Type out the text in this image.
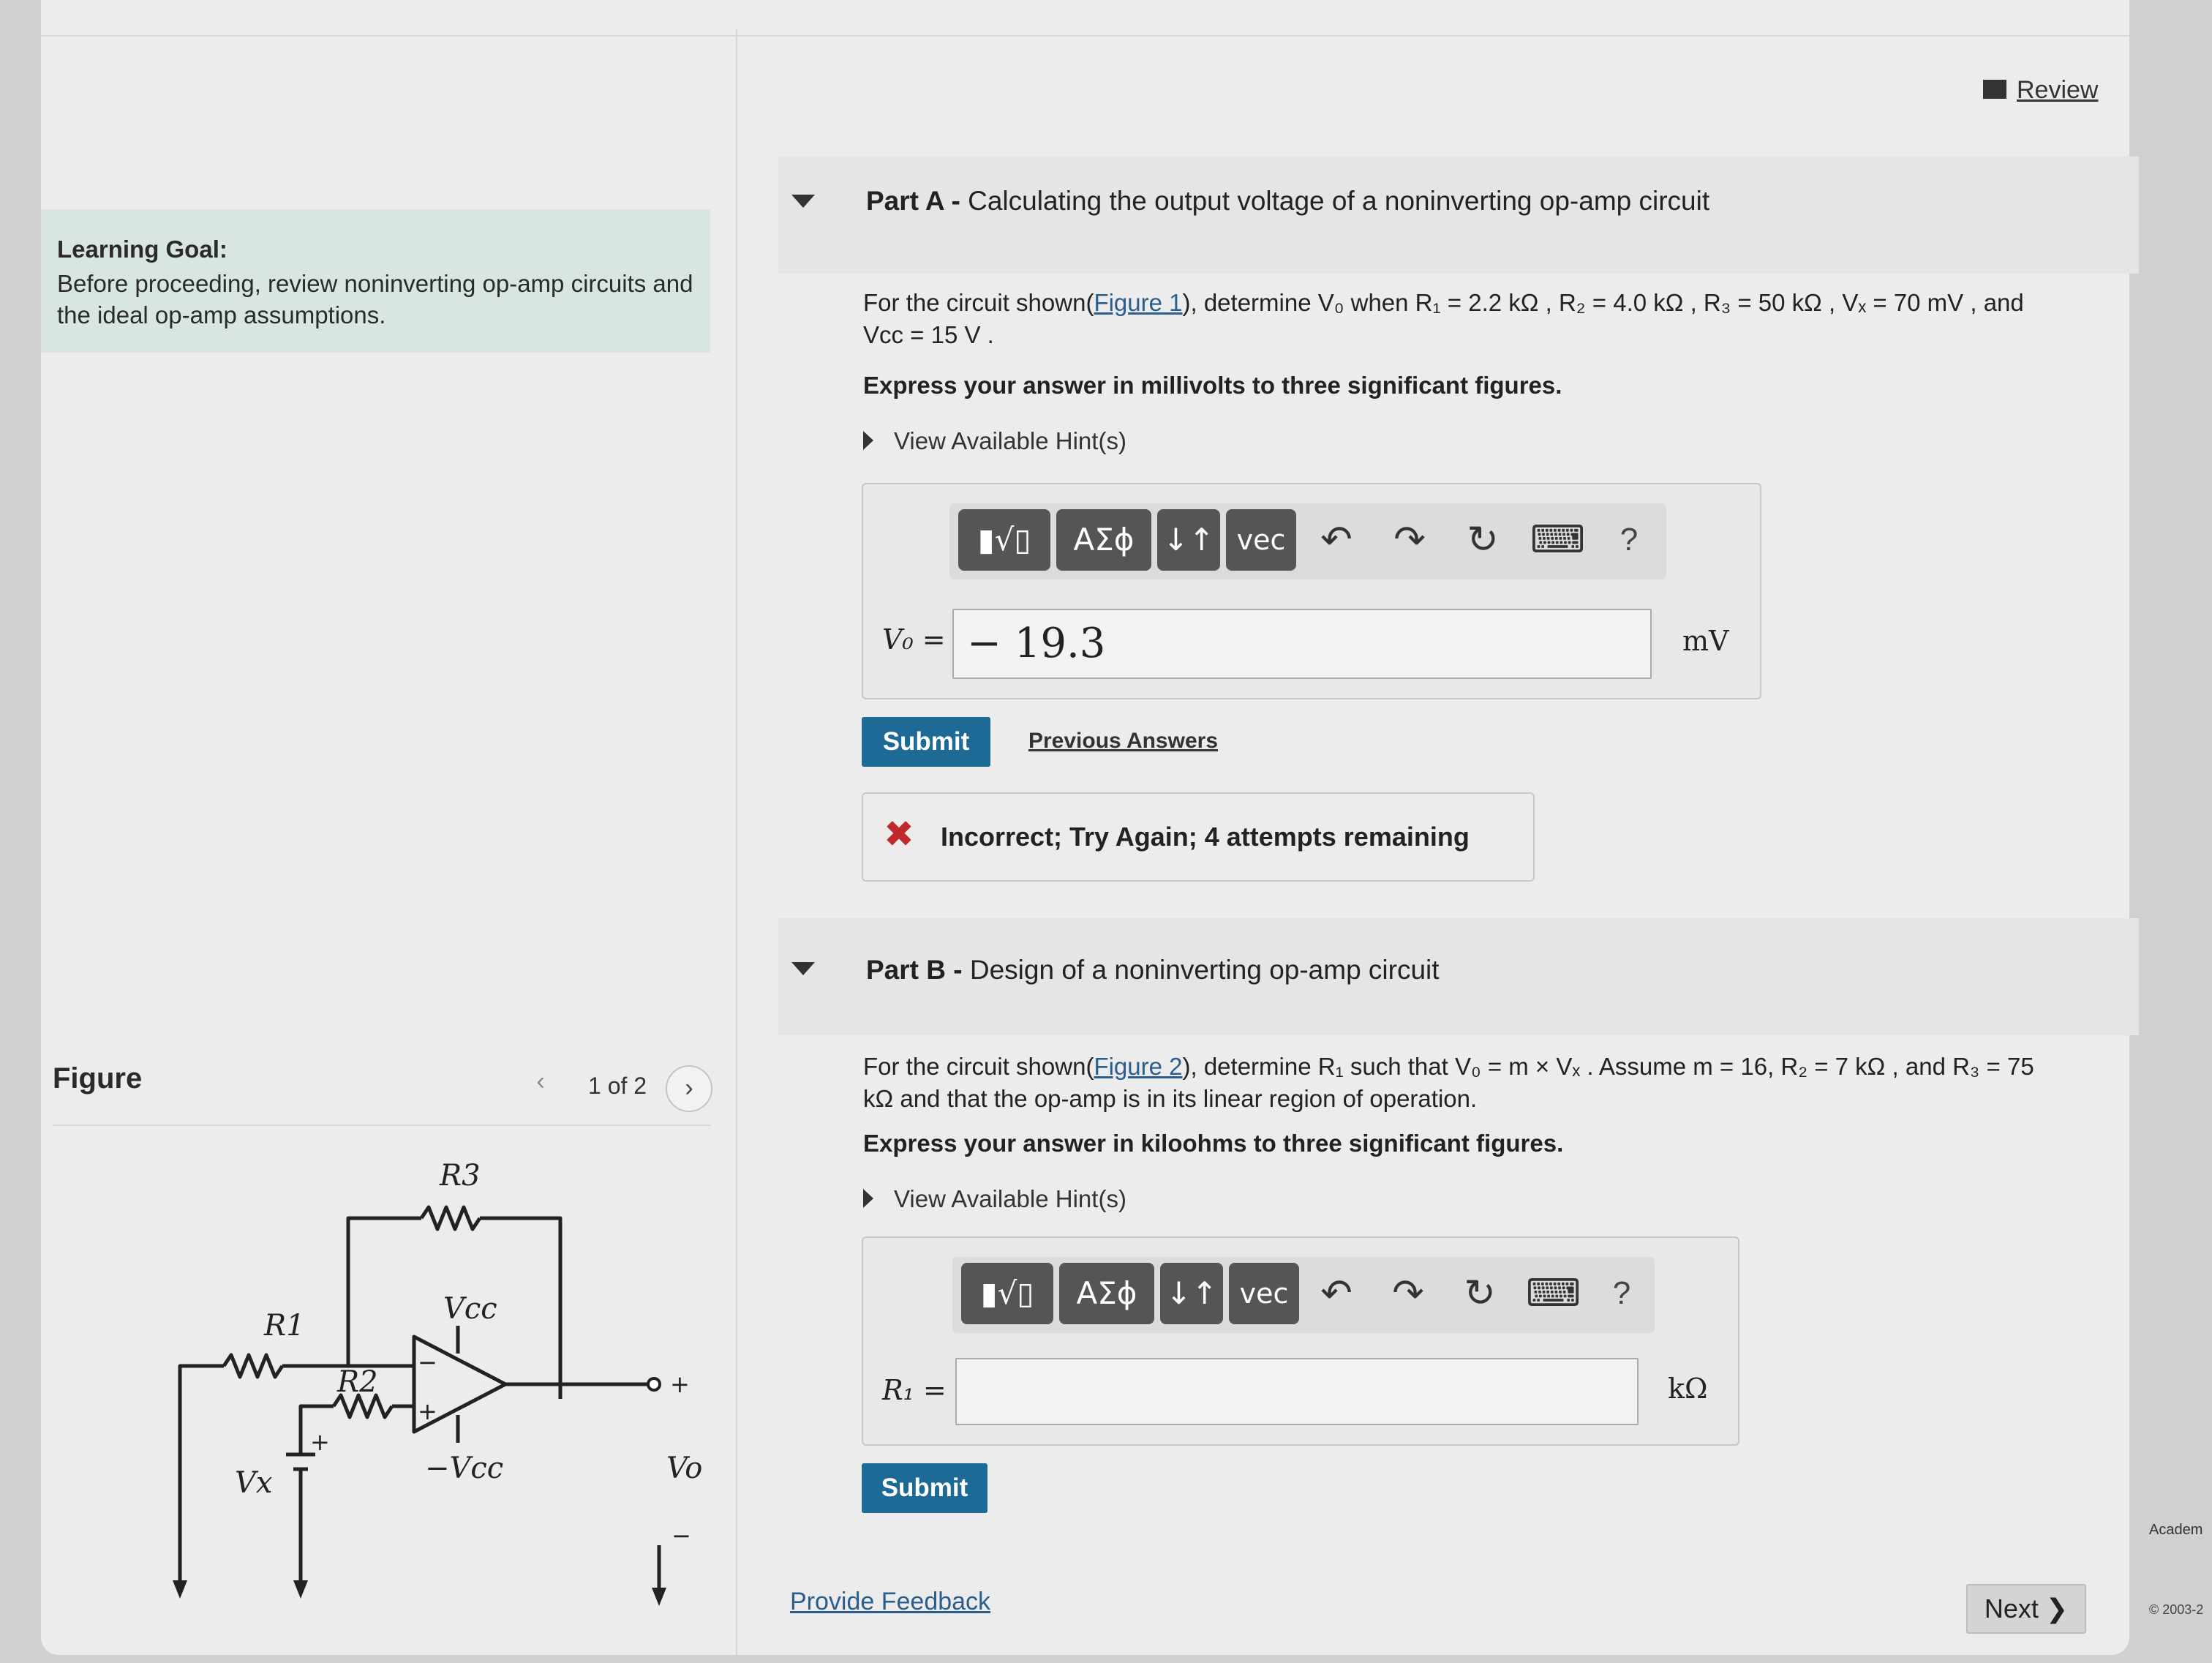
Learning Goal:
Before proceeding, review noninverting op-amp circuits and the ideal op-amp assumptions.
Figure	‹	1 of 2	›
R3
R1
R2
Vcc
−Vcc
Vx	Vo
+
−
−
+
+
Review
Part A - Calculating the output voltage of a noninverting op-amp circuit
For the circuit shown(Figure 1), determine V₀ when R₁ = 2.2 kΩ , R₂ = 4.0 kΩ , R₃ = 50 kΩ , Vₓ = 70 mV , and
Vcc = 15 V .
Express your answer in millivolts to three significant figures.
View Available Hint(s)
▮√▯	ΑΣϕ ↓↑ vec ↶ ↷ ↻ ⌨	?
V₀ = − 19.3	mV
Submit	Previous Answers
✖ Incorrect; Try Again; 4 attempts remaining
Part B - Design of a noninverting op-amp circuit
For the circuit shown(Figure 2), determine R₁ such that V₀ = m × Vₓ . Assume m = 16, R₂ = 7 kΩ , and R₃ = 75
kΩ and that the op-amp is in its linear region of operation.
Express your answer in kiloohms to three significant figures.
View Available Hint(s)
▮√▯	ΑΣϕ ↓↑ vec ↶ ↷ ↻ ⌨ ?
R₁ =	kΩ
Submit
Provide Feedback	Next ❯
Academ
© 2003-2
